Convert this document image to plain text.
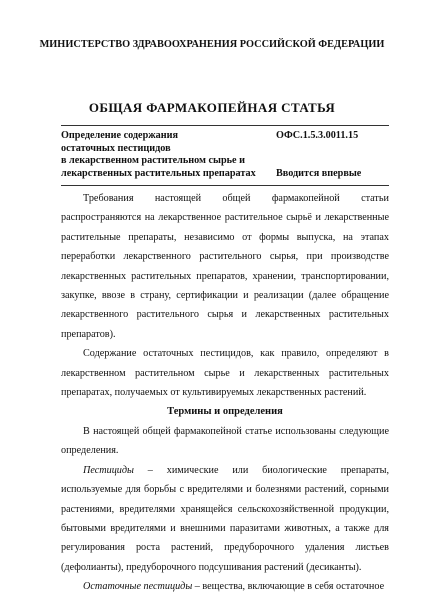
МИНИСТЕРСТВО ЗДРАВООХРАНЕНИЯ РОССИЙСКОЙ ФЕДЕРАЦИИ
ОБЩАЯ ФАРМАКОПЕЙНАЯ СТАТЬЯ
Определение содержания
остаточных пестицидов
в лекарственном растительном сырье и
лекарственных растительных препаратах
ОФС.1.5.3.0011.15
Вводится впервые

Требования настоящей общей фармакопейной статьи распространяются на лекарственное растительное сырьё и лекарственные растительные препараты, независимо от формы выпуска, на этапах переработки лекарственного растительного сырья, при производстве лекарственных растительных препаратов, хранении, транспортировании, закупке, ввозе в страну, сертификации и реализации (далее обращение лекарственного растительного сырья и лекарственных растительных препаратов).

Содержание остаточных пестицидов, как правило, определяют в лекарственном растительном сырье и лекарственных растительных препаратах, получаемых от культивируемых лекарственных растений.

Термины и определения

В настоящей общей фармакопейной статье использованы следующие определения.

Пестициды – химические или биологические препараты, используемые для борьбы с вредителями и болезнями растений, сорными растениями, вредителями хранящейся сельскохозяйственной продукции, бытовыми вредителями и внешними паразитами животных, а также для регулирования роста растений, предуборочного удаления листьев (дефолианты), предуборочного подсушивания растений (десиканты).

Остаточные пестициды – вещества, включающие в себя остаточное
